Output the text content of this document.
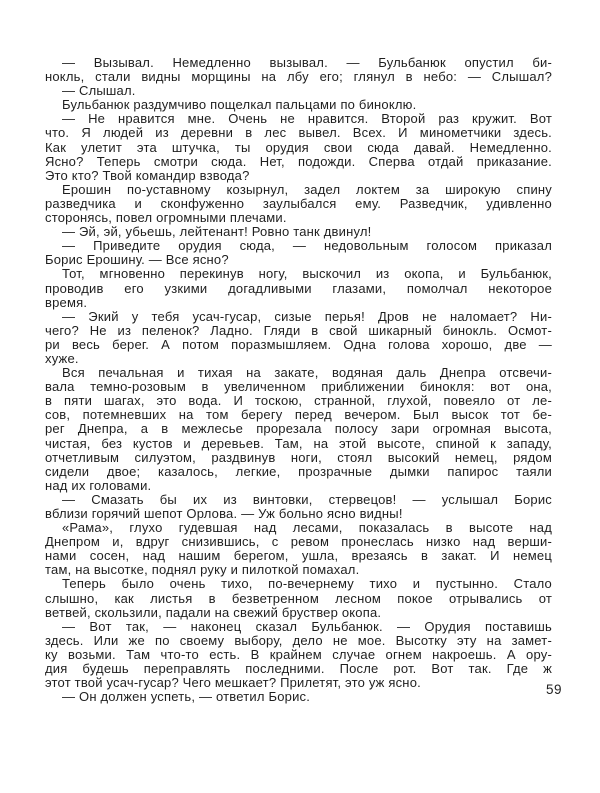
— Вызывал. Немедленно вызывал. — Бульбанюк опустил би-
нокль, стали видны морщины на лбу его; глянул в небо: — Слышал?
— Слышал.
Бульбанюк раздумчиво пощелкал пальцами по биноклю.
— Не нравится мне. Очень не нравится. Второй раз кружит. Вот
что. Я людей из деревни в лес вывел. Всех. И минометчики здесь.
Как улетит эта штучка, ты орудия свои сюда давай. Немедленно.
Ясно? Теперь смотри сюда. Нет, подожди. Сперва отдай приказание.
Это кто? Твой командир взвода?
Ерошин по-уставному козырнул, задел локтем за широкую спину
разведчика и сконфуженно заулыбался ему. Разведчик, удивленно
сторонясь, повел огромными плечами.
— Эй, эй, убьешь, лейтенант! Ровно танк двинул!
— Приведите орудия сюда, — недовольным голосом приказал
Борис Ерошину. — Все ясно?
Тот, мгновенно перекинув ногу, выскочил из окопа, и Бульбанюк,
проводив его узкими догадливыми глазами, помолчал некоторое
время.
— Экий у тебя усач-гусар, сизые перья! Дров не наломает? Ни-
чего? Не из пеленок? Ладно. Гляди в свой шикарный бинокль. Осмот-
ри весь берег. А потом поразмышляем. Одна голова хорошо, две —
хуже.
Вся печальная и тихая на закате, водяная даль Днепра отсвечи-
вала темно-розовым в увеличенном приближении бинокля: вот она,
в пяти шагах, это вода. И тоскою, странной, глухой, повеяло от ле-
сов, потемневших на том берегу перед вечером. Был высок тот бе-
рег Днепра, а в межлесье прорезала полосу зари огромная высота,
чистая, без кустов и деревьев. Там, на этой высоте, спиной к западу,
отчетливым силуэтом, раздвинув ноги, стоял высокий немец, рядом
сидели двое; казалось, легкие, прозрачные дымки папирос таяли
над их головами.
— Смазать бы их из винтовки, стервецов! — услышал Борис
вблизи горячий шепот Орлова. — Уж больно ясно видны!
«Рама», глухо гудевшая над лесами, показалась в высоте над
Днепром и, вдруг снизившись, с ревом пронеслась низко над верши-
нами сосен, над нашим берегом, ушла, врезаясь в закат. И немец
там, на высотке, поднял руку и пилоткой помахал.
Теперь было очень тихо, по-вечернему тихо и пустынно. Стало
слышно, как листья в безветренном лесном покое отрывались от
ветвей, скользили, падали на свежий бруствер окопа.
— Вот так, — наконец сказал Бульбанюк. — Орудия поставишь
здесь. Или же по своему выбору, дело не мое. Высотку эту на замет-
ку возьми. Там что-то есть. В крайнем случае огнем накроешь. А ору-
дия будешь переправлять последними. После рот. Вот так. Где ж
этот твой усач-гусар? Чего мешкает? Прилетят, это уж ясно.
— Он должен успеть, — ответил Борис.	59
